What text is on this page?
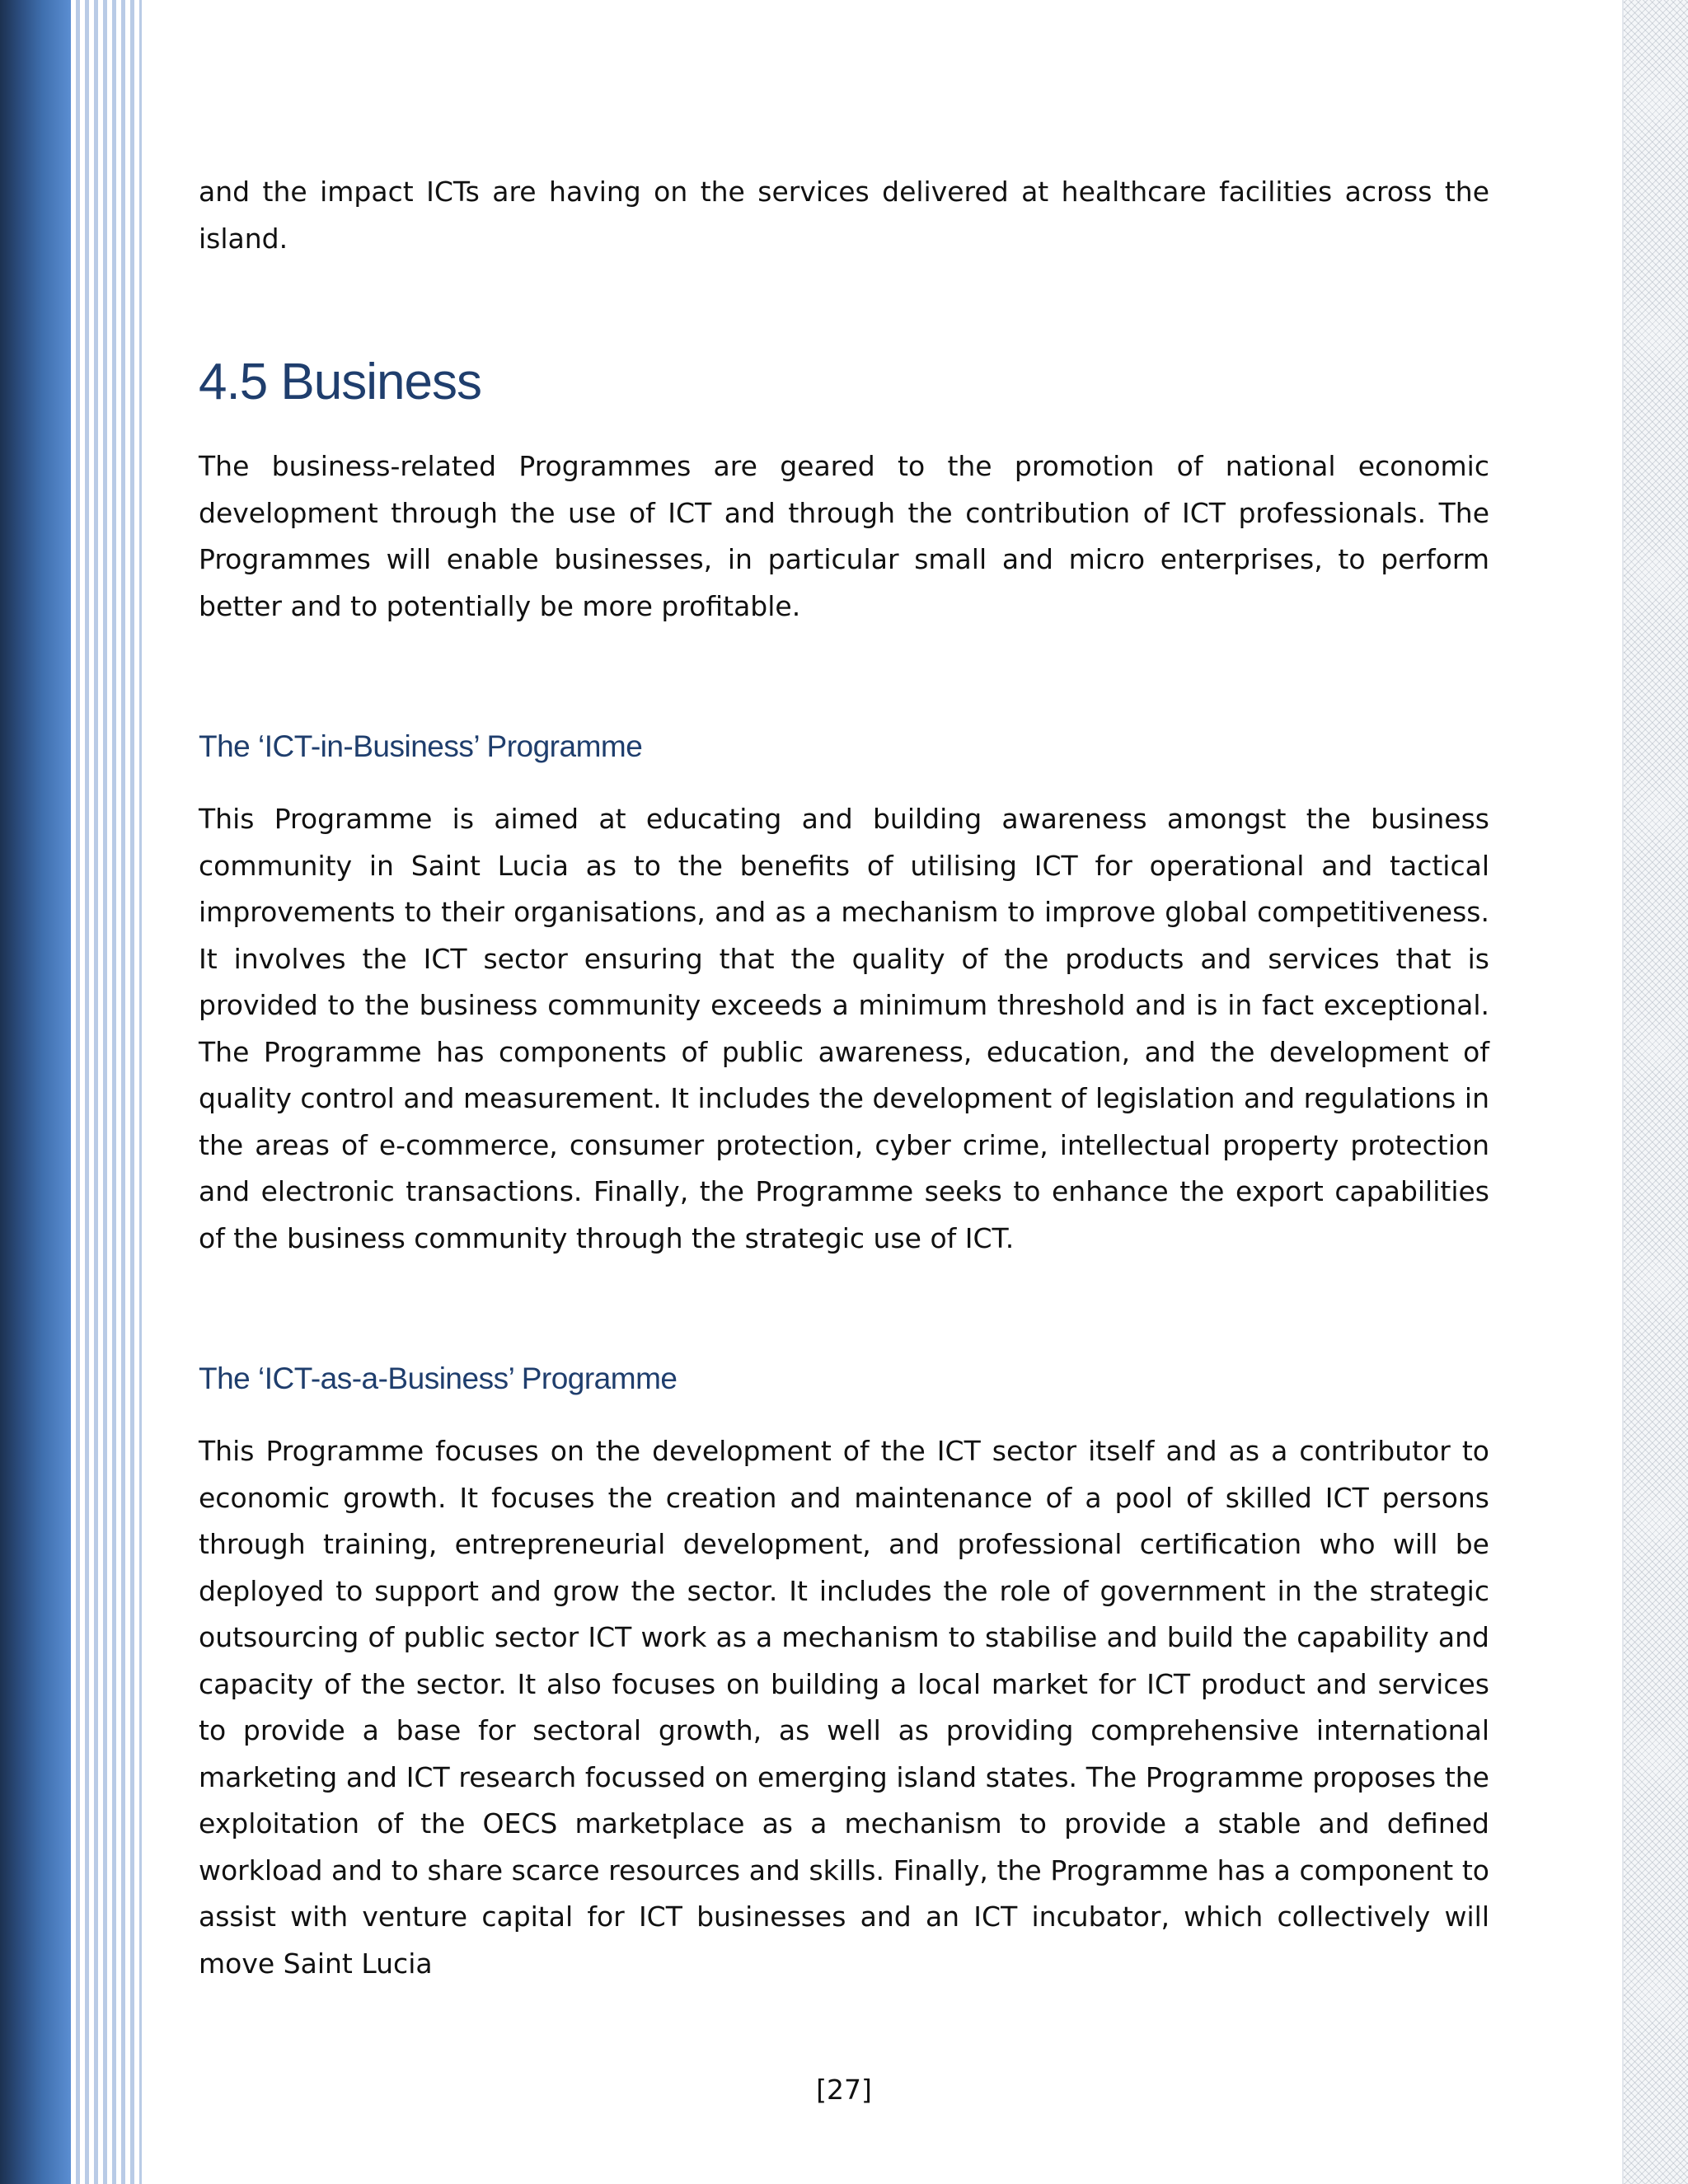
and the impact ICTs are having on the services delivered at healthcare facilities across the island.

4.5 Business

The business-related Programmes are geared to the promotion of national economic development through the use of ICT and through the contribution of ICT professionals. The Programmes will enable businesses, in particular small and micro enterprises, to perform better and to potentially be more profitable.

The ‘ICT-in-Business’ Programme

This Programme is aimed at educating and building awareness amongst the business community in Saint Lucia as to the benefits of utilising ICT for operational and tactical improvements to their organisations, and as a mechanism to improve global competitiveness. It involves the ICT sector ensuring that the quality of the products and services that is provided to the business community exceeds a minimum threshold and is in fact exceptional. The Programme has components of public awareness, education, and the development of quality control and measurement. It includes the development of legislation and regulations in the areas of e-commerce, consumer protection, cyber crime, intellectual property protection and electronic transactions. Finally, the Programme seeks to enhance the export capabilities of the business community through the strategic use of ICT.

The ‘ICT-as-a-Business’ Programme

This Programme focuses on the development of the ICT sector itself and as a contributor to economic growth. It focuses the creation and maintenance of a pool of skilled ICT persons through training, entrepreneurial development, and professional certification who will be deployed to support and grow the sector. It includes the role of government in the strategic outsourcing of public sector ICT work as a mechanism to stabilise and build the capability and capacity of the sector. It also focuses on building a local market for ICT product and services to provide a base for sectoral growth, as well as providing comprehensive international marketing and ICT research focussed on emerging island states. The Programme proposes the exploitation of the OECS marketplace as a mechanism to provide a stable and defined workload and to share scarce resources and skills. Finally, the Programme has a component to assist with venture capital for ICT businesses and an ICT incubator, which collectively will move Saint Lucia

[27]
